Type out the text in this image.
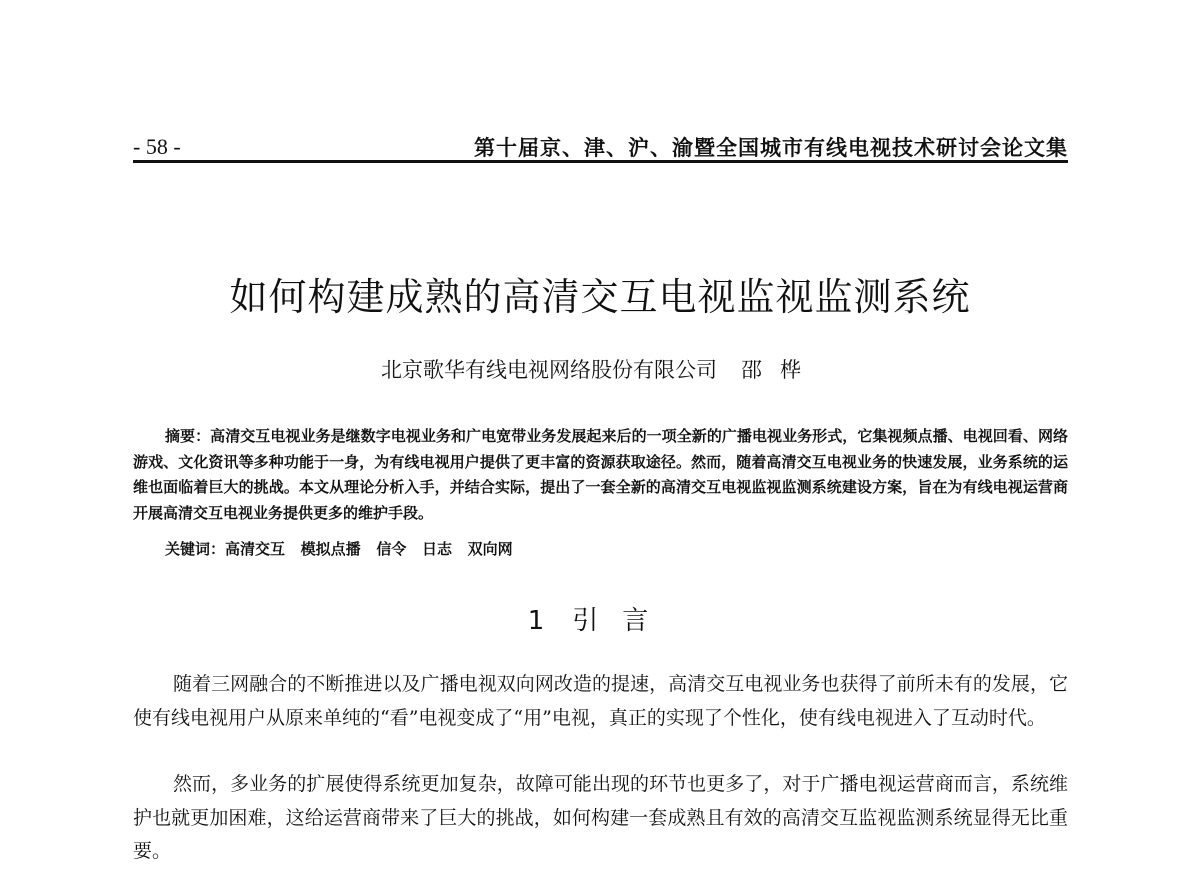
- 58 -	第十届京、津、沪、渝暨全国城市有线电视技术研讨会论文集
如何构建成熟的高清交互电视监视监测系统
北京歌华有线电视网络股份有限公司 邵桦

摘要：高清交互电视业务是继数字电视业务和广电宽带业务发展起来后的一项全新的广播电视业务形式，它集视频点播、电视回看、网络游戏、文化资讯等多种功能于一身，为有线电视用户提供了更丰富的资源获取途径。然而，随着高清交互电视业务的快速发展，业务系统的运维也面临着巨大的挑战。本文从理论分析入手，并结合实际，提出了一套全新的高清交互电视监视监测系统建设方案，旨在为有线电视运营商开展高清交互电视业务提供更多的维护手段。

关键词：高清交互   模拟点播   信令   日志   双向网
1 引言

随着三网融合的不断推进以及广播电视双向网改造的提速，高清交互电视业务也获得了前所未有的发展，它使有线电视用户从原来单纯的“看”电视变成了“用”电视，真正的实现了个性化，使有线电视进入了互动时代。

然而，多业务的扩展使得系统更加复杂，故障可能出现的环节也更多了，对于广播电视运营商而言，系统维护也就更加困难，这给运营商带来了巨大的挑战，如何构建一套成熟且有效的高清交互监视监测系统显得无比重要。
